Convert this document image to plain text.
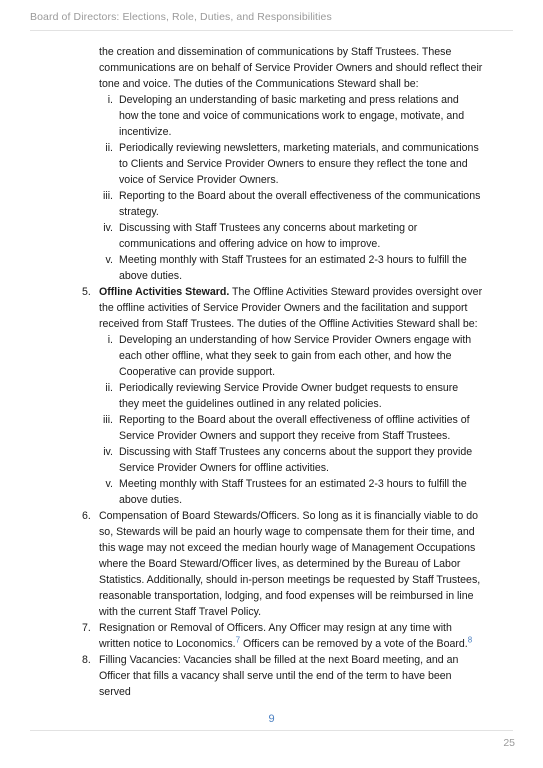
Board of Directors: Elections, Role, Duties, and Responsibilities

the creation and dissemination of communications by Staff Trustees. These communications are on behalf of Service Provider Owners and should reflect their tone and voice. The duties of the Communications Steward shall be:

i. Developing an understanding of basic marketing and press relations and how the tone and voice of communications work to engage, motivate, and incentivize.

ii. Periodically reviewing newsletters, marketing materials, and communications to Clients and Service Provider Owners to ensure they reflect the tone and voice of Service Provider Owners.

iii. Reporting to the Board about the overall effectiveness of the communications strategy.

iv. Discussing with Staff Trustees any concerns about marketing or communications and offering advice on how to improve.

v. Meeting monthly with Staff Trustees for an estimated 2-3 hours to fulfill the above duties.

5. Offline Activities Steward. The Offline Activities Steward provides oversight over the offline activities of Service Provider Owners and the facilitation and support received from Staff Trustees. The duties of the Offline Activities Steward shall be:

i. Developing an understanding of how Service Provider Owners engage with each other offline, what they seek to gain from each other, and how the Cooperative can provide support.

ii. Periodically reviewing Service Provide Owner budget requests to ensure they meet the guidelines outlined in any related policies.

iii. Reporting to the Board about the overall effectiveness of offline activities of Service Provider Owners and support they receive from Staff Trustees.

iv. Discussing with Staff Trustees any concerns about the support they provide Service Provider Owners for offline activities.

v. Meeting monthly with Staff Trustees for an estimated 2-3 hours to fulfill the above duties.

6. Compensation of Board Stewards/Officers. So long as it is financially viable to do so, Stewards will be paid an hourly wage to compensate them for their time, and this wage may not exceed the median hourly wage of Management Occupations where the Board Steward/Officer lives, as determined by the Bureau of Labor Statistics. Additionally, should in-person meetings be requested by Staff Trustees, reasonable transportation, lodging, and food expenses will be reimbursed in line with the current Staff Travel Policy.

7. Resignation or Removal of Officers. Any Officer may resign at any time with written notice to Loconomics.$^7$ Officers can be removed by a vote of the Board.$^8$

8. Filling Vacancies: Vacancies shall be filled at the next Board meeting, and an Officer that fills a vacancy shall serve until the end of the term to have been served

9
25
